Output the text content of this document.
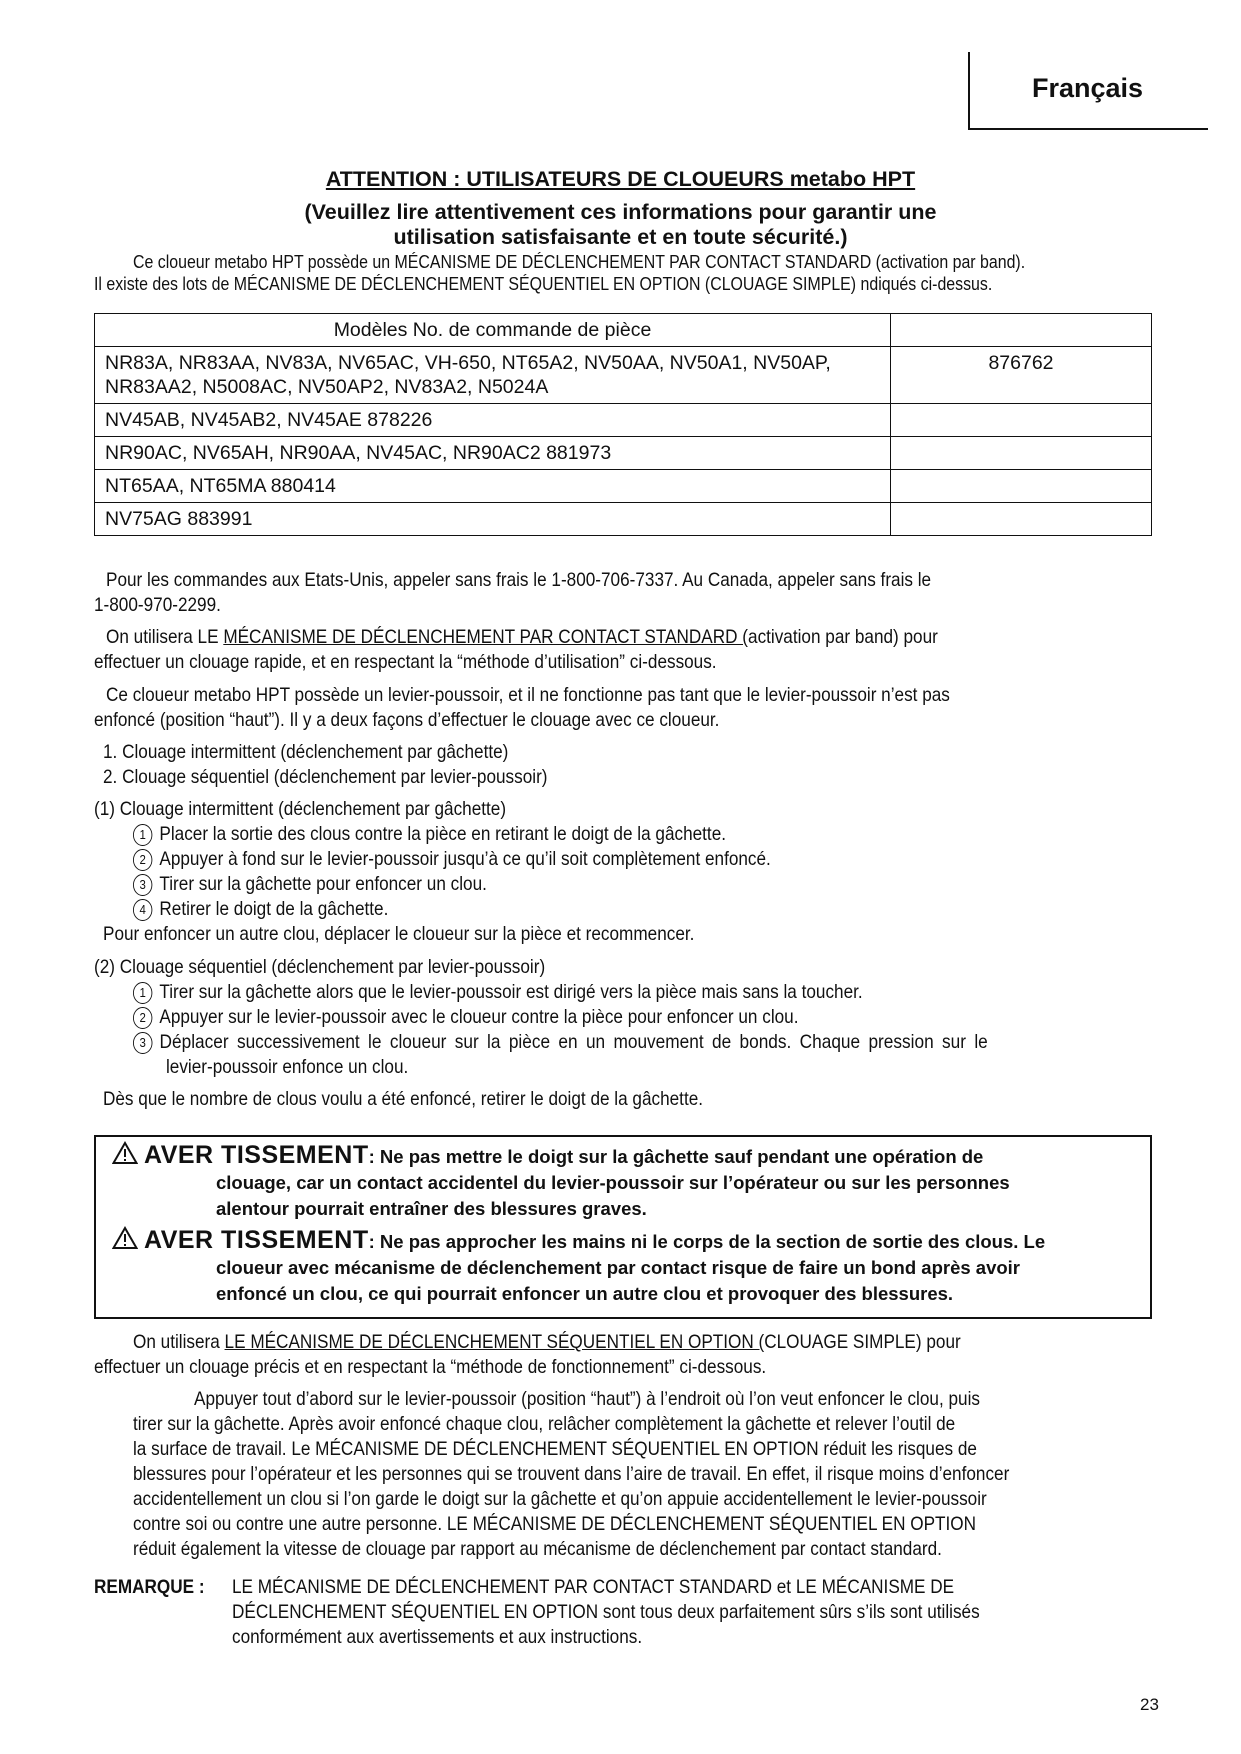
Français
ATTENTION : UTILISATEURS DE CLOUEURS metabo HPT
(Veuillez lire attentivement ces informations pour garantir une
utilisation satisfaisante et en toute sécurité.)
Ce cloueur metabo HPT possède un MÉCANISME DE DÉCLENCHEMENT PAR CONTACT STANDARD (activation par band).
Il existe des lots de MÉCANISME DE DÉCLENCHEMENT SÉQUENTIEL EN OPTION (CLOUAGE SIMPLE) ndiqués ci-dessus.
Modèles No. de commande de pièce	

NR83A, NR83AA, NV83A, NV65AC, VH-650, NT65A2, NV50AA, NV50A1, NV50AP,
NR83AA2, N5008AC, NV50AP2, NV83A2, N5024A	876762
NV45AB, NV45AB2, NV45AE 878226	
NR90AC, NV65AH, NR90AA, NV45AC, NR90AC2 881973	
NT65AA, NT65MA 880414	
NV75AG 883991	
Pour les commandes aux Etats-Unis, appeler sans frais le 1-800-706-7337. Au Canada, appeler sans frais le
1-800-970-2299.
On utilisera LE MÉCANISME DE DÉCLENCHEMENT PAR CONTACT STANDARD (activation par band) pour
effectuer un clouage rapide, et en respectant la “méthode d’utilisation” ci-dessous.
Ce cloueur metabo HPT possède un levier-poussoir, et il ne fonctionne pas tant que le levier-poussoir n’est pas
enfoncé (position “haut”). Il y a deux façons d’effectuer le clouage avec ce cloueur.
1. Clouage intermittent (déclenchement par gâchette)
2. Clouage séquentiel (déclenchement par levier-poussoir)
(1) Clouage intermittent (déclenchement par gâchette)
1 Placer la sortie des clous contre la pièce en retirant le doigt de la gâchette.
2 Appuyer à fond sur le levier-poussoir jusqu’à ce qu’il soit complètement enfoncé.
3 Tirer sur la gâchette pour enfoncer un clou.
4 Retirer le doigt de la gâchette.
Pour enfoncer un autre clou, déplacer le cloueur sur la pièce et recommencer.
(2) Clouage séquentiel (déclenchement par levier-poussoir)
1 Tirer sur la gâchette alors que le levier-poussoir est dirigé vers la pièce mais sans la toucher.
2 Appuyer sur le levier-poussoir avec le cloueur contre la pièce pour enfoncer un clou.
3 Déplacer successivement le cloueur sur la pièce en un mouvement de bonds. Chaque pression sur le
levier-poussoir enfonce un clou.
Dès que le nombre de clous voulu a été enfoncé, retirer le doigt de la gâchette.
AVER TISSEMENT: Ne pas mettre le doigt sur la gâchette sauf pendant une opération de
clouage, car un contact accidentel du levier-poussoir sur l’opérateur ou sur les personnes
alentour pourrait entraîner des blessures graves.
AVER TISSEMENT: Ne pas approcher les mains ni le corps de la section de sortie des clous. Le
cloueur avec mécanisme de déclenchement par contact risque de faire un bond après avoir
enfoncé un clou, ce qui pourrait enfoncer un autre clou et provoquer des blessures.
On utilisera LE MÉCANISME DE DÉCLENCHEMENT SÉQUENTIEL EN OPTION (CLOUAGE SIMPLE) pour
effectuer un clouage précis et en respectant la “méthode de fonctionnement” ci-dessous.
Appuyer tout d’abord sur le levier-poussoir (position “haut”) à l’endroit où l’on veut enfoncer le clou, puis
tirer sur la gâchette. Après avoir enfoncé chaque clou, relâcher complètement la gâchette et relever l’outil de
la surface de travail. Le MÉCANISME DE DÉCLENCHEMENT SÉQUENTIEL EN OPTION réduit les risques de
blessures pour l’opérateur et les personnes qui se trouvent dans l’aire de travail. En effet, il risque moins d’enfoncer
accidentellement un clou si l’on garde le doigt sur la gâchette et qu’on appuie accidentellement le levier-poussoir
contre soi ou contre une autre personne. LE MÉCANISME DE DÉCLENCHEMENT SÉQUENTIEL EN OPTION
réduit également la vitesse de clouage par rapport au mécanisme de déclenchement par contact standard.
REMARQUE : LE MÉCANISME DE DÉCLENCHEMENT PAR CONTACT STANDARD et LE MÉCANISME DE
DÉCLENCHEMENT SÉQUENTIEL EN OPTION sont tous deux parfaitement sûrs s’ils sont utilisés
conformément aux avertissements et aux instructions.
23
